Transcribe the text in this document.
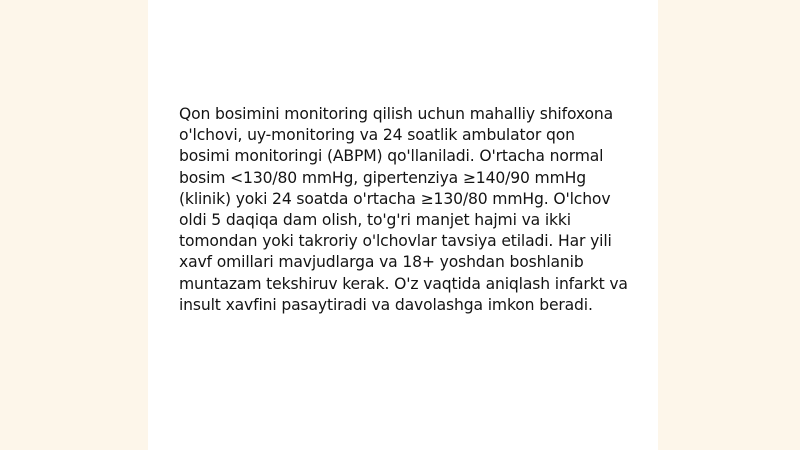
Qon bosimini monitoring qilish uchun mahalliy shifoxona o'lchovi, uy-monitoring va 24 soatlik ambulator qon bosimi monitoringi (ABPM) qo'llaniladi. O'rtacha normal bosim <130/80 mmHg, gipertenziya ≥140/90 mmHg (klinik) yoki 24 soatda o'rtacha ≥130/80 mmHg. O'lchov oldi 5 daqiqa dam olish, to'g'ri manjet hajmi va ikki tomondan yoki takroriy o'lchovlar tavsiya etiladi. Har yili xavf omillari mavjudlarga va 18+ yoshdan boshlanib muntazam tekshiruv kerak. O'z vaqtida aniqlash infarkt va insult xavfini pasaytiradi va davolashga imkon beradi.
